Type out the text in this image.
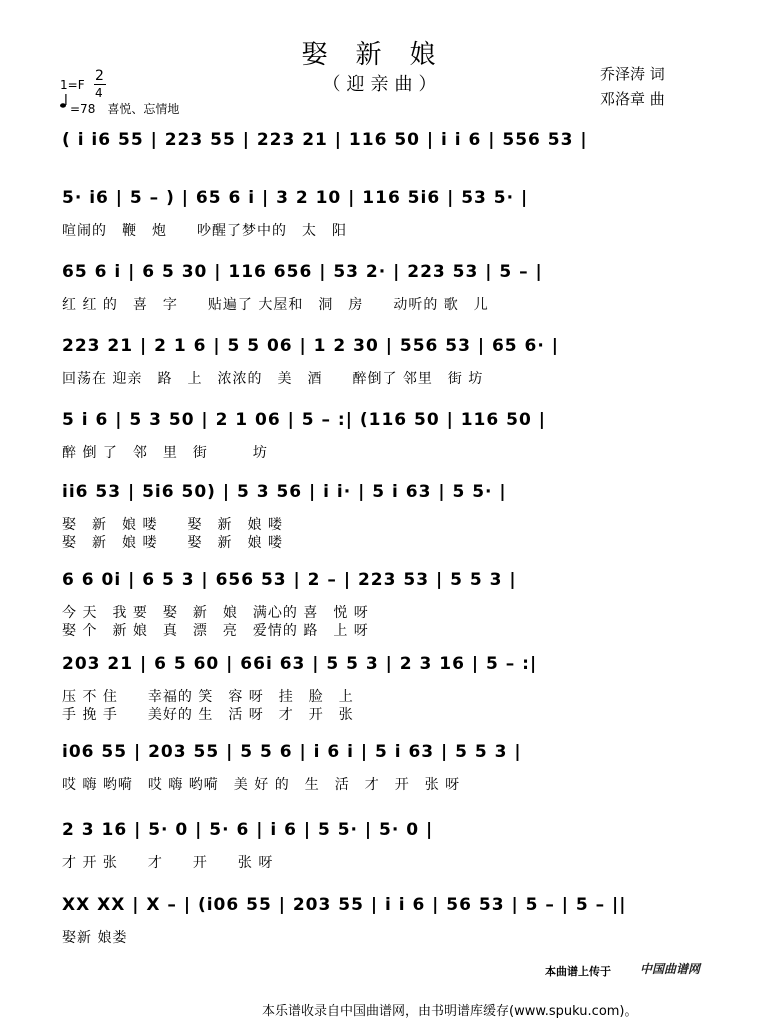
娶新娘
（迎亲曲）	乔泽涛 词
邓洛章 曲
1=F
2
4
=78　喜悦、忘情地
( i i6 55 | 223 55 | 223 21 | 116 50 | i i 6 | 556 53 |
5· i6 | 5 – ) | 65 6 i | 3 2 10 | 116 5i6 | 53 5· |
喧闹的　鞭　炮　　吵醒了梦中的　太　阳
65 6 i | 6 5 30 | 116 656 | 53 2· | 223 53 | 5 – |
红 红 的　喜　字　　贴遍了 大屋和　洞　房　　动听的 歌　儿
223 21 | 2 1 6 | 5 5 06 | 1 2 30 | 556 53 | 65 6· |
回荡在 迎亲　路　上　浓浓的　美　酒　　醉倒了 邻里　街 坊
5 i 6 | 5 3 50 | 2 1 06 | 5 – :| (116 50 | 116 50 |
醉 倒 了　邻　里　街　　　坊
ii6 53 | 5i6 50) | 5 3 56 | i i· | 5 i 63 | 5 5· |
娶　新　娘 喽　　娶　新　娘 喽
娶　新　娘 喽　　娶　新　娘 喽
6 6 0i | 6 5 3 | 656 53 | 2 – | 223 53 | 5 5 3 |
今 天　我 要　娶　新　娘　满心的 喜　悦 呀
娶 个　新 娘　真　漂　亮　爱情的 路　上 呀
203 21 | 6 5 60 | 66i 63 | 5 5 3 | 2 3 16 | 5 – :|
压 不 住　　幸福的 笑　容 呀　挂　脸　上
手 挽 手　　美好的 生　活 呀　才　开　张
i06 55 | 203 55 | 5 5 6 | i 6 i | 5 i 63 | 5 5 3 |
哎 嗨 哟嗬　哎 嗨 哟嗬　美 好 的　生　活　才　开　张 呀
2 3 16 | 5· 0 | 5· 6 | i 6 | 5 5· | 5· 0 |
才 开 张　　才　　开　　张 呀
XX XX | X – | (i06 55 | 203 55 | i i 6 | 56 53 | 5 – | 5 – ||
娶新 娘娄
本曲谱上传于 中国曲谱网
本乐谱收录自中国曲谱网，由书明谱库缓存(www.spuku.com)。
